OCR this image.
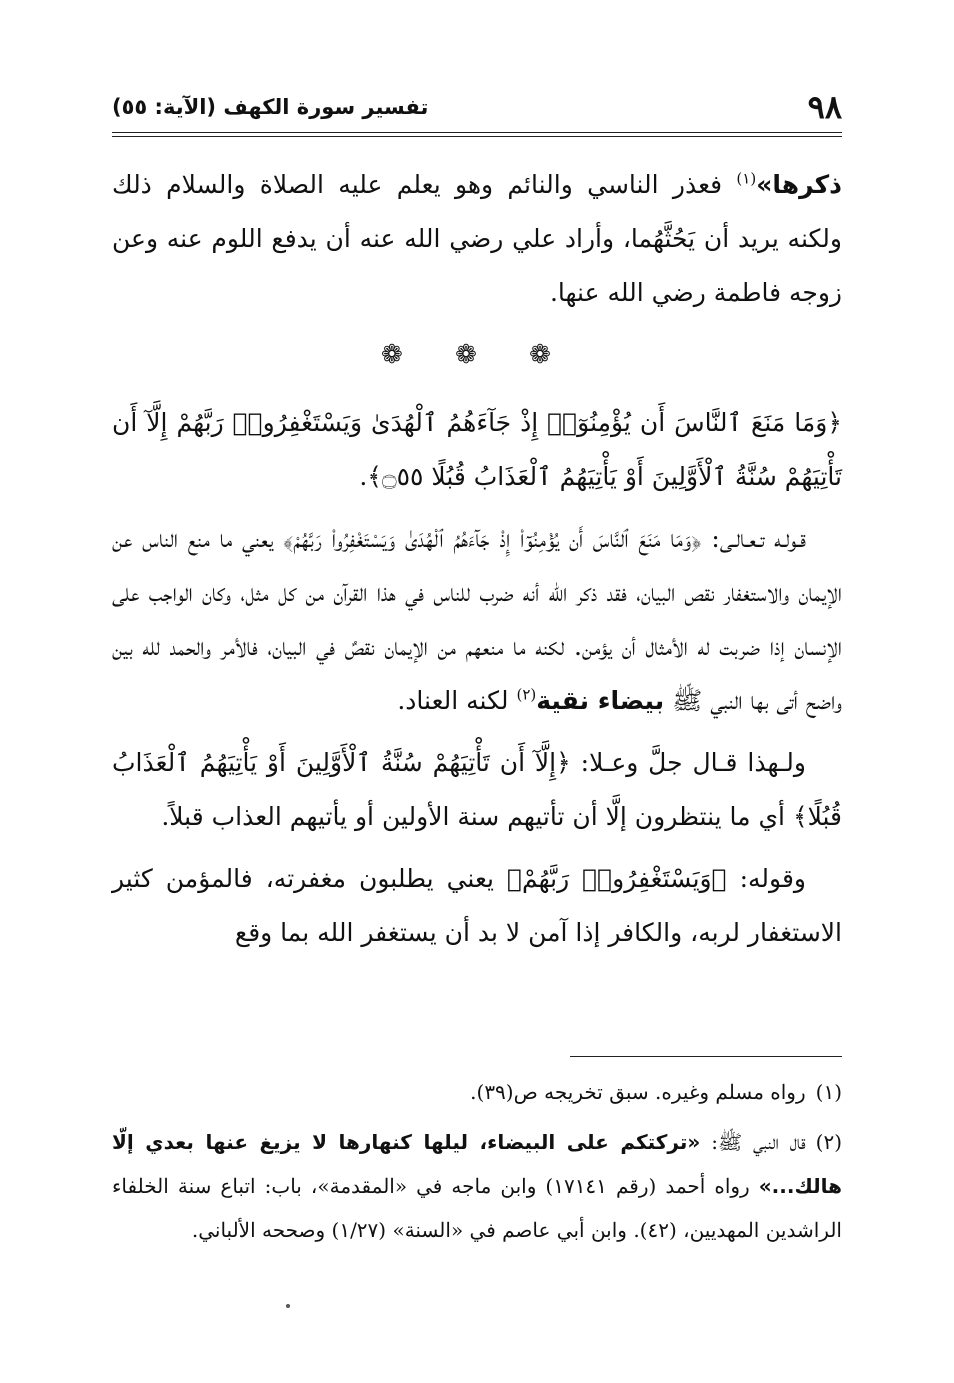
٩٨
تفسير سورة الكهف (الآية: ٥٥)

ذكرها»$^{(١)}$ فعذر الناسي والنائم وهو يعلم عليه الصلاة والسلام ذلك ولكنه يريد أن يَحُثَّهُما، وأراد علي رضي الله عنه أن يدفع اللوم عنه وعن زوجه فاطمة رضي الله عنها.

❁ ❁ ❁

﴿وَمَا مَنَعَ ٱلنَّاسَ أَن يُؤْمِنُوٓا۟ إِذْ جَآءَهُمُ ٱلْهُدَىٰ وَيَسْتَغْفِرُوا۟ رَبَّهُمْ إِلَّآ أَن تَأْتِيَهُمْ سُنَّةُ ٱلْأَوَّلِينَ أَوْ يَأْتِيَهُمُ ٱلْعَذَابُ قُبُلًا ۝٥٥﴾.

قـولـه تـعـالـى: ﴿وَمَا مَنَعَ ٱلنَّاسَ أَن يُؤْمِنُوٓا۟ إِذْ جَآءَهُمُ ٱلْهُدَىٰ وَيَسْتَغْفِرُوا۟ رَبَّهُمْ﴾ يعني ما منع الناس عن الإيمان والاستغفار نقص البيان، فقد ذكر الله أنه ضرب للناس في هذا القرآن من كل مثل، وكان الواجب على الإنسان إذا ضربت له الأمثال أن يؤمن. لكنه ما منعهم من الإيمان نقصٌ في البيان، فالأمر والحمد لله بين واضح أتى بها النبي ﷺ بيضاء نقية$^{(٢)}$ لكنه العناد.

ولـهذا قـال جلَّ وعـلا: ﴿إِلَّآ أَن تَأْتِيَهُمْ سُنَّةُ ٱلْأَوَّلِينَ أَوْ يَأْتِيَهُمُ ٱلْعَذَابُ قُبُلًا﴾ أي ما ينتظرون إلَّا أن تأتيهم سنة الأولين أو يأتيهم العذاب قبلاً.

وقوله: ﴿وَيَسْتَغْفِرُوا۟ رَبَّهُمْ﴾ يعني يطلبون مغفرته، فالمؤمن كثير الاستغفار لربه، والكافر إذا آمن لا بد أن يستغفر الله بما وقع

(١)رواه مسلم وغيره. سبق تخريجه ص(٣٩).

(٢)قال النبي ﷺ: «تركتكم على البيضاء، ليلها كنهارها لا يزيغ عنها بعدي إلّا هالك...» رواه أحمد (رقم ١٧١٤١) وابن ماجه في «المقدمة»، باب: اتباع سنة الخلفاء الراشدين المهديين، (٤٢). وابن أبي عاصم في «السنة» (١/٢٧) وصححه الألباني.
